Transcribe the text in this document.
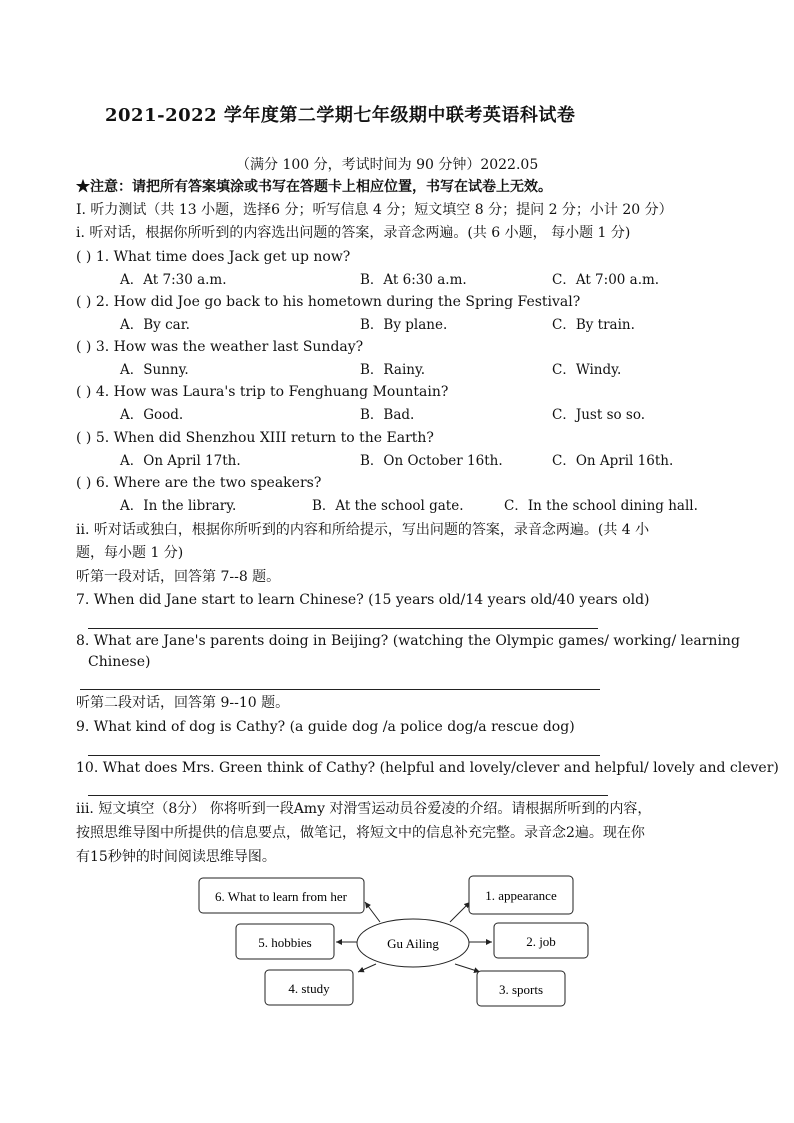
2021-2022 学年度第二学期七年级期中联考英语科试卷
（满分 100 分，考试时间为 90 分钟）2022.05
★注意：请把所有答案填涂或书写在答题卡上相应位置，书写在试卷上无效。
I. 听力测试（共 13 小题，选择6 分；听写信息 4 分；短文填空 8 分；提问 2 分；小计 20 分）
i. 听对话，根据你所听到的内容选出问题的答案，录音念两遍。(共 6 小题， 每小题 1 分)
( ) 1. What time does Jack get up now?
A．At 7:30 a.m.	B．At 6:30 a.m.	C．At 7:00 a.m.
( ) 2. How did Joe go back to his hometown during the Spring Festival?
A．By car.	B．By plane.	C．By train.
( ) 3. How was the weather last Sunday?
A．Sunny.	B．Rainy.	C．Windy.
( ) 4. How was Laura's trip to Fenghuang Mountain?
A．Good.	B．Bad.	C．Just so so.
( ) 5. When did Shenzhou XIII return to the Earth?
A．On April 17th.	B．On October 16th.	C．On April 16th.
( ) 6. Where are the two speakers?
A．In the library.	B．At the school gate.	C．In the school dining hall.
ii. 听对话或独白，根据你所听到的内容和所给提示，写出问题的答案，录音念两遍。(共 4 小
题，每小题 1 分)
听第一段对话，回答第 7--8 题。
7. When did Jane start to learn Chinese? (15 years old/14 years old/40 years old)
8. What are Jane's parents doing in Beijing? (watching the Olympic games/ working/ learning
Chinese)
听第二段对话，回答第 9--10 题。
9. What kind of dog is Cathy? (a guide dog /a police dog/a rescue dog)
10. What does Mrs. Green think of Cathy? (helpful and lovely/clever and helpful/ lovely and clever)
iii. 短文填空（8分） 你将听到一段Amy 对滑雪运动员谷爱凌的介绍。请根据所听到的内容，
按照思维导图中所提供的信息要点，做笔记，将短文中的信息补充完整。录音念2遍。现在你
有15秒钟的时间阅读思维导图。
Gu Ailing
6. What to learn from her	1. appearance
5. hobbies	2. job
4. study	3. sports
